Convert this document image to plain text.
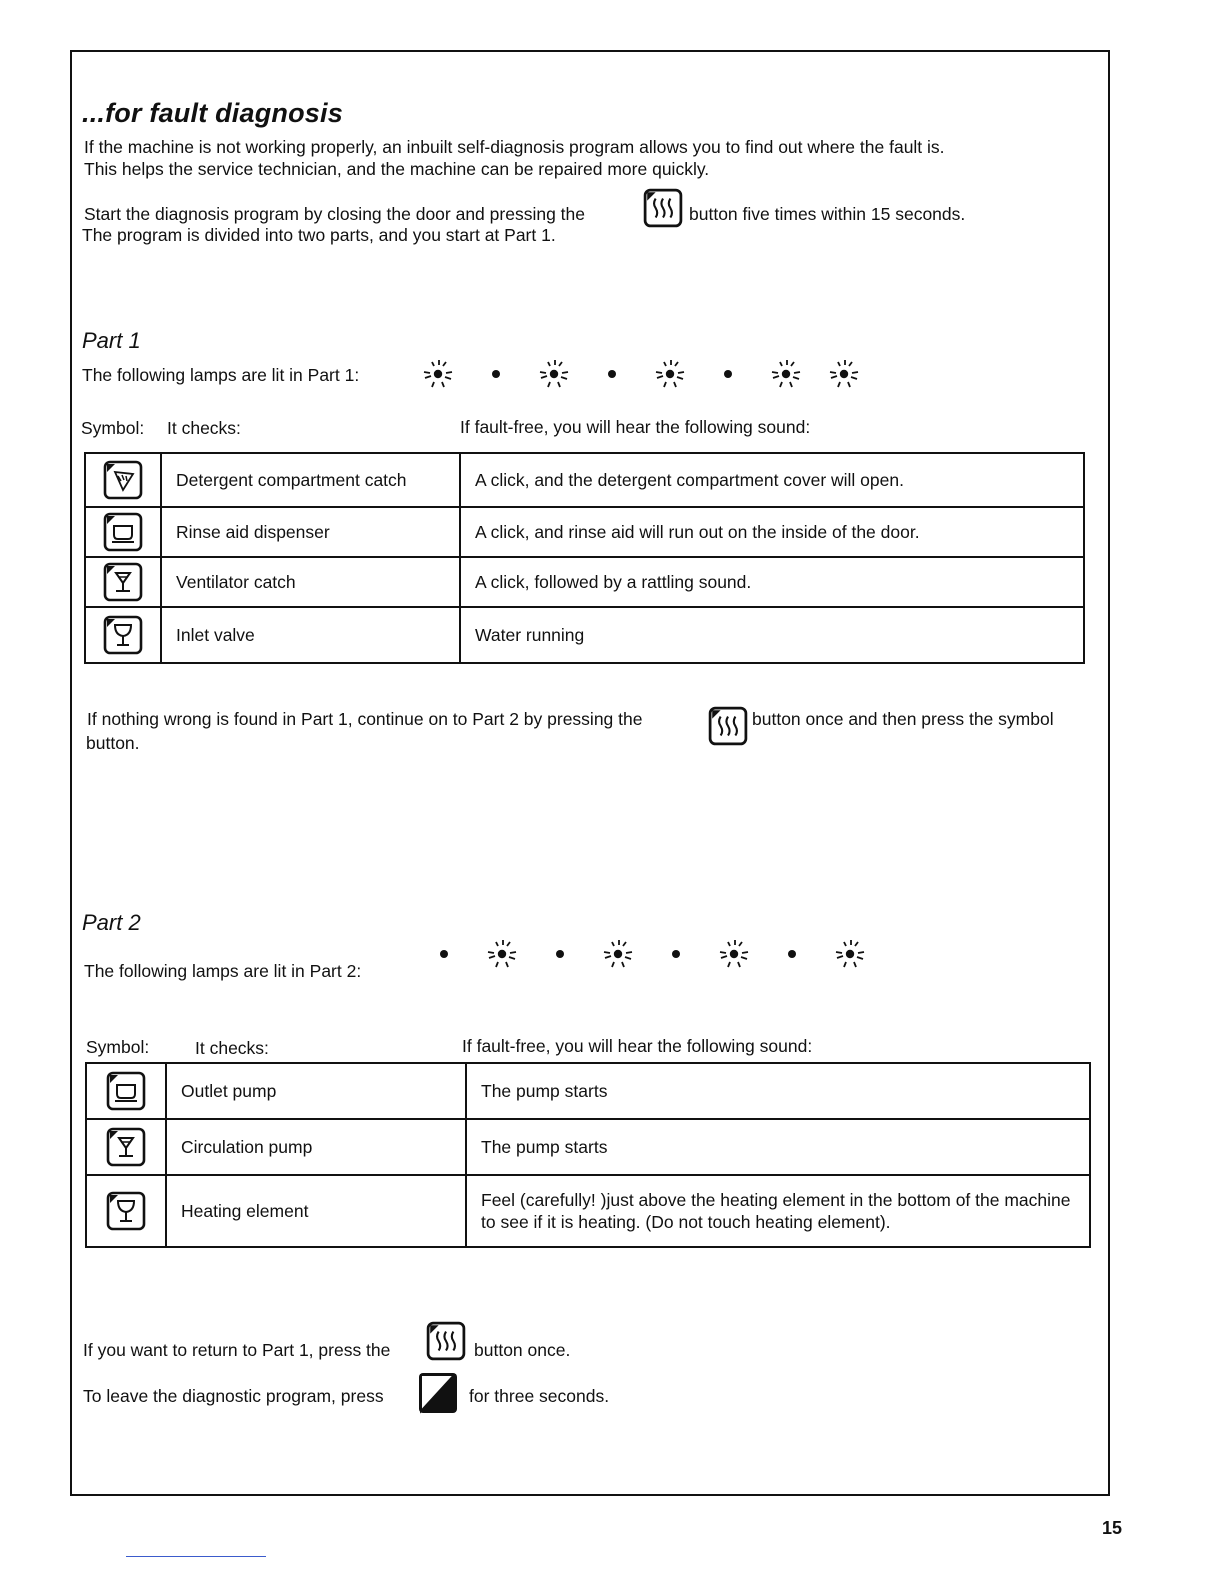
...for fault diagnosis
If the machine is not working properly, an inbuilt self-diagnosis program allows you to find out where the fault is.
This helps the service technician, and the machine can be repaired more quickly.
Start the diagnosis program by closing the door and pressing the	button five times within 15 seconds.
The program is divided into two parts, and you start at Part 1.
Part 1
The following lamps are lit in Part 1:
Symbol: It checks:	If fault-free, you will hear the following sound:
	Detergent compartment catch	A click, and the detergent compartment cover will open.

	Rinse aid dispenser	A click, and rinse aid will run out on the inside of the door.

	Ventilator catch	A click, followed by a rattling sound.

	Inlet valve	Water running
If nothing wrong is found in Part 1, continue on to Part 2 by pressing the	button once and then press the symbol
button.
Part 2
The following lamps are lit in Part 2:
Symbol:	It checks:	If fault-free, you will hear the following sound:
	Outlet pump	The pump starts

	Circulation pump	The pump starts

	Heating element	Feel (carefully! )just above the heating element in the bottom of the machine to see if it is heating. (Do not touch heating element).
If you want to return to Part 1, press the	button once.
To leave the diagnostic program, press	for three seconds.
15
